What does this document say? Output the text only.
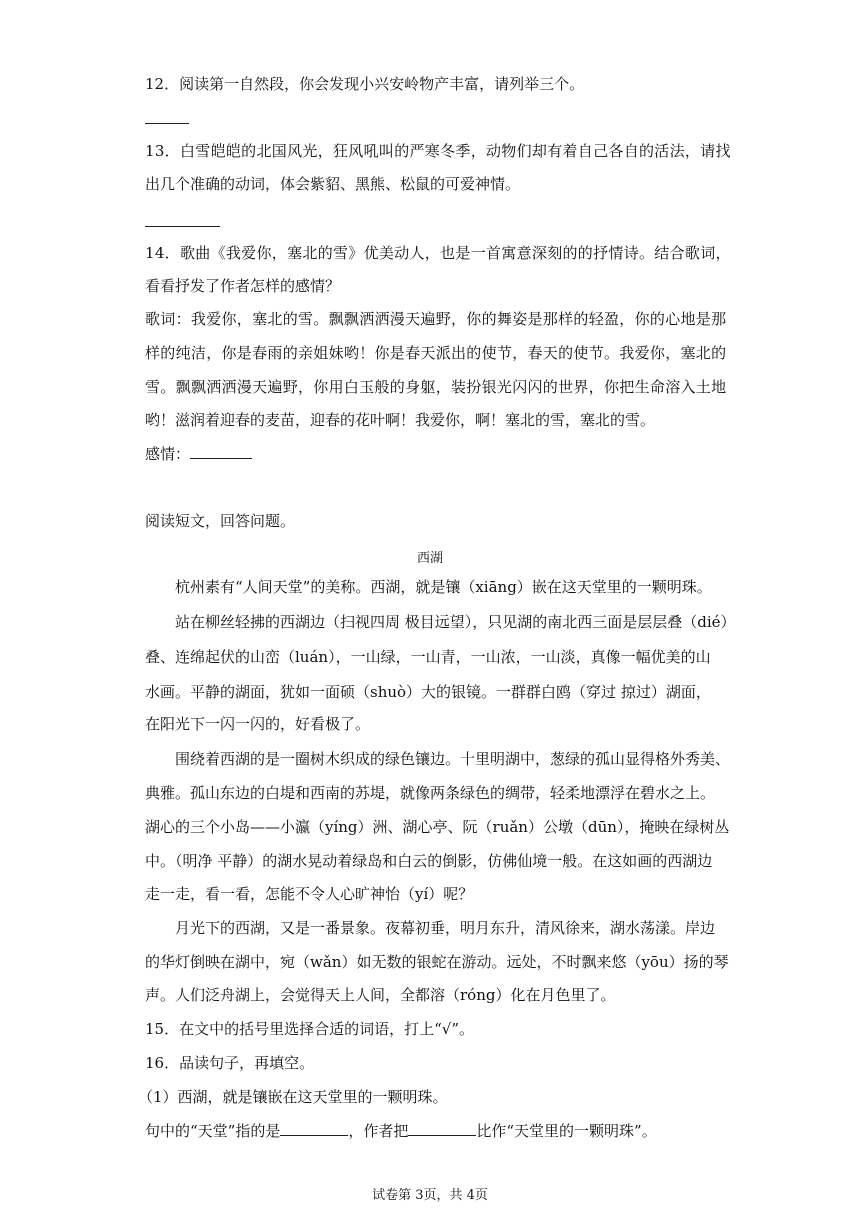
12．阅读第一自然段，你会发现小兴安岭物产丰富，请列举三个。
13．白雪皑皑的北国风光，狂风吼叫的严寒冬季，动物们却有着自己各自的活法，请找
出几个准确的动词，体会紫貂、黑熊、松鼠的可爱神情。
14．歌曲《我爱你，塞北的雪》优美动人，也是一首寓意深刻的的抒情诗。结合歌词，
看看抒发了作者怎样的感情？
歌词：我爱你，塞北的雪。飘飘洒洒漫天遍野，你的舞姿是那样的轻盈，你的心地是那
样的纯洁，你是春雨的亲姐妹哟！你是春天派出的使节，春天的使节。我爱你，塞北的
雪。飘飘洒洒漫天遍野，你用白玉般的身躯，装扮银光闪闪的世界，你把生命溶入土地
哟！滋润着迎春的麦苗，迎春的花叶啊！我爱你，啊！塞北的雪，塞北的雪。
感情：
阅读短文，回答问题。
西湖
杭州素有“人间天堂”的美称。西湖，就是镶（xiāng）嵌在这天堂里的一颗明珠。
站在柳丝轻拂的西湖边（扫视四周 极目远望），只见湖的南北西三面是层层叠（dié）
叠、连绵起伏的山峦（luán），一山绿，一山青，一山浓，一山淡，真像一幅优美的山
水画。平静的湖面，犹如一面硕（shuò）大的银镜。一群群白鸥（穿过 掠过）湖面，
在阳光下一闪一闪的，好看极了。
围绕着西湖的是一圈树木织成的绿色镶边。十里明湖中，葱绿的孤山显得格外秀美、
典雅。孤山东边的白堤和西南的苏堤，就像两条绿色的绸带，轻柔地漂浮在碧水之上。
湖心的三个小岛——小瀛（yíng）洲、湖心亭、阮（ruǎn）公墩（dūn），掩映在绿树丛
中。（明净 平静）的湖水晃动着绿岛和白云的倒影，仿佛仙境一般。在这如画的西湖边
走一走，看一看，怎能不令人心旷神怡（yí）呢？
月光下的西湖，又是一番景象。夜幕初垂，明月东升，清风徐来，湖水荡漾。岸边
的华灯倒映在湖中，宛（wǎn）如无数的银蛇在游动。远处，不时飘来悠（yōu）扬的琴
声。人们泛舟湖上，会觉得天上人间，全都溶（róng）化在月色里了。
15．在文中的括号里选择合适的词语，打上“√”。
16．品读句子，再填空。
（1）西湖，就是镶嵌在这天堂里的一颗明珠。
句中的“天堂”指的是	，作者把	比作“天堂里的一颗明珠”。
试卷第 3页，共 4页
